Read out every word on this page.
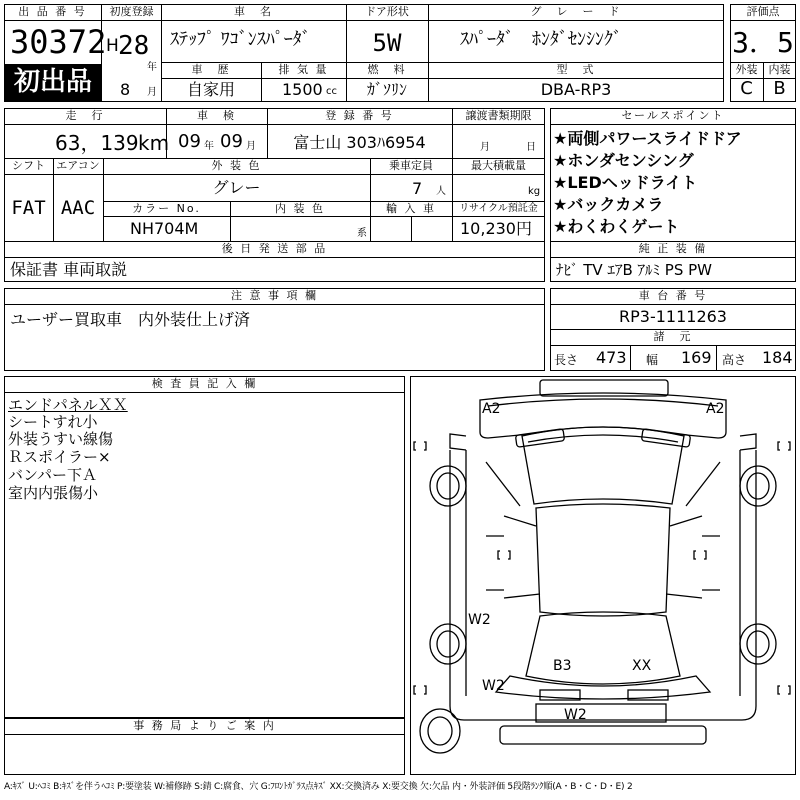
出 品 番 号
30372
初出品
初度登録
H 28
年
8 月
車　名
ｽﾃｯﾌﾟ ﾜｺﾞﾝｽﾊﾟｰﾀﾞ
ドア形状
5W
グ　レ　ー　ド
ｽﾊﾟｰﾀﾞ　ﾎﾝﾀﾞｾﾝｼﾝｸﾞ
車　歴
自家用
排 気 量
1500 cc
燃　料
ｶﾞｿﾘﾝ
型　式
DBA-RP3
評価点
3．5
外装	内装
C	B
走　行
63，139 km
車　検
09 年 09 月
登 録 番 号
富士山 303ﾊ6954
譲渡書類期限
月	日
シフト	エアコン
FAT AAC
外 装 色
グレー
乗車定員
7 人
最大積載量
kg
カラー No.
NH704M
内 装 色
系
輸 入 車	リサイクル預託金
10,230円
後 日 発 送 部 品
保証書 車両取説
セールスポイント
★両側パワースライドドア
★ホンダセンシング
★LEDヘッドライト
★バックカメラ
★わくわくゲート
純 正 装 備
ﾅﾋﾞ TV ｴｱB ｱﾙﾐ PS PW
注 意 事 項 欄
ユーザー買取車　内外装仕上げ済
車 台 番 号
RP3-1111263
諸　元
長さ 473 幅 169 高さ 184
検 査 員 記 入 欄
エンドパネルＸＸ
シートすれ小
外装うすい線傷
Ｒスポイラー×
バンパー下Ａ
室内内張傷小
事 務 局 よ り ご 案 内
A2	A2
W2
W2
B3	XX
W2
A:ｷｽﾞ U:ﾍｺﾐ B:ｷｽﾞを伴うﾍｺﾐ P:要塗装 W:補修跡 S:錆 C:腐食、穴 G:ﾌﾛﾝﾄｶﾞﾗｽ点ｷｽﾞ XX:交換済み X:要交換 欠:欠品 内・外装評価 5段階ﾗﾝｸ順(A・B・C・D・E) 2
